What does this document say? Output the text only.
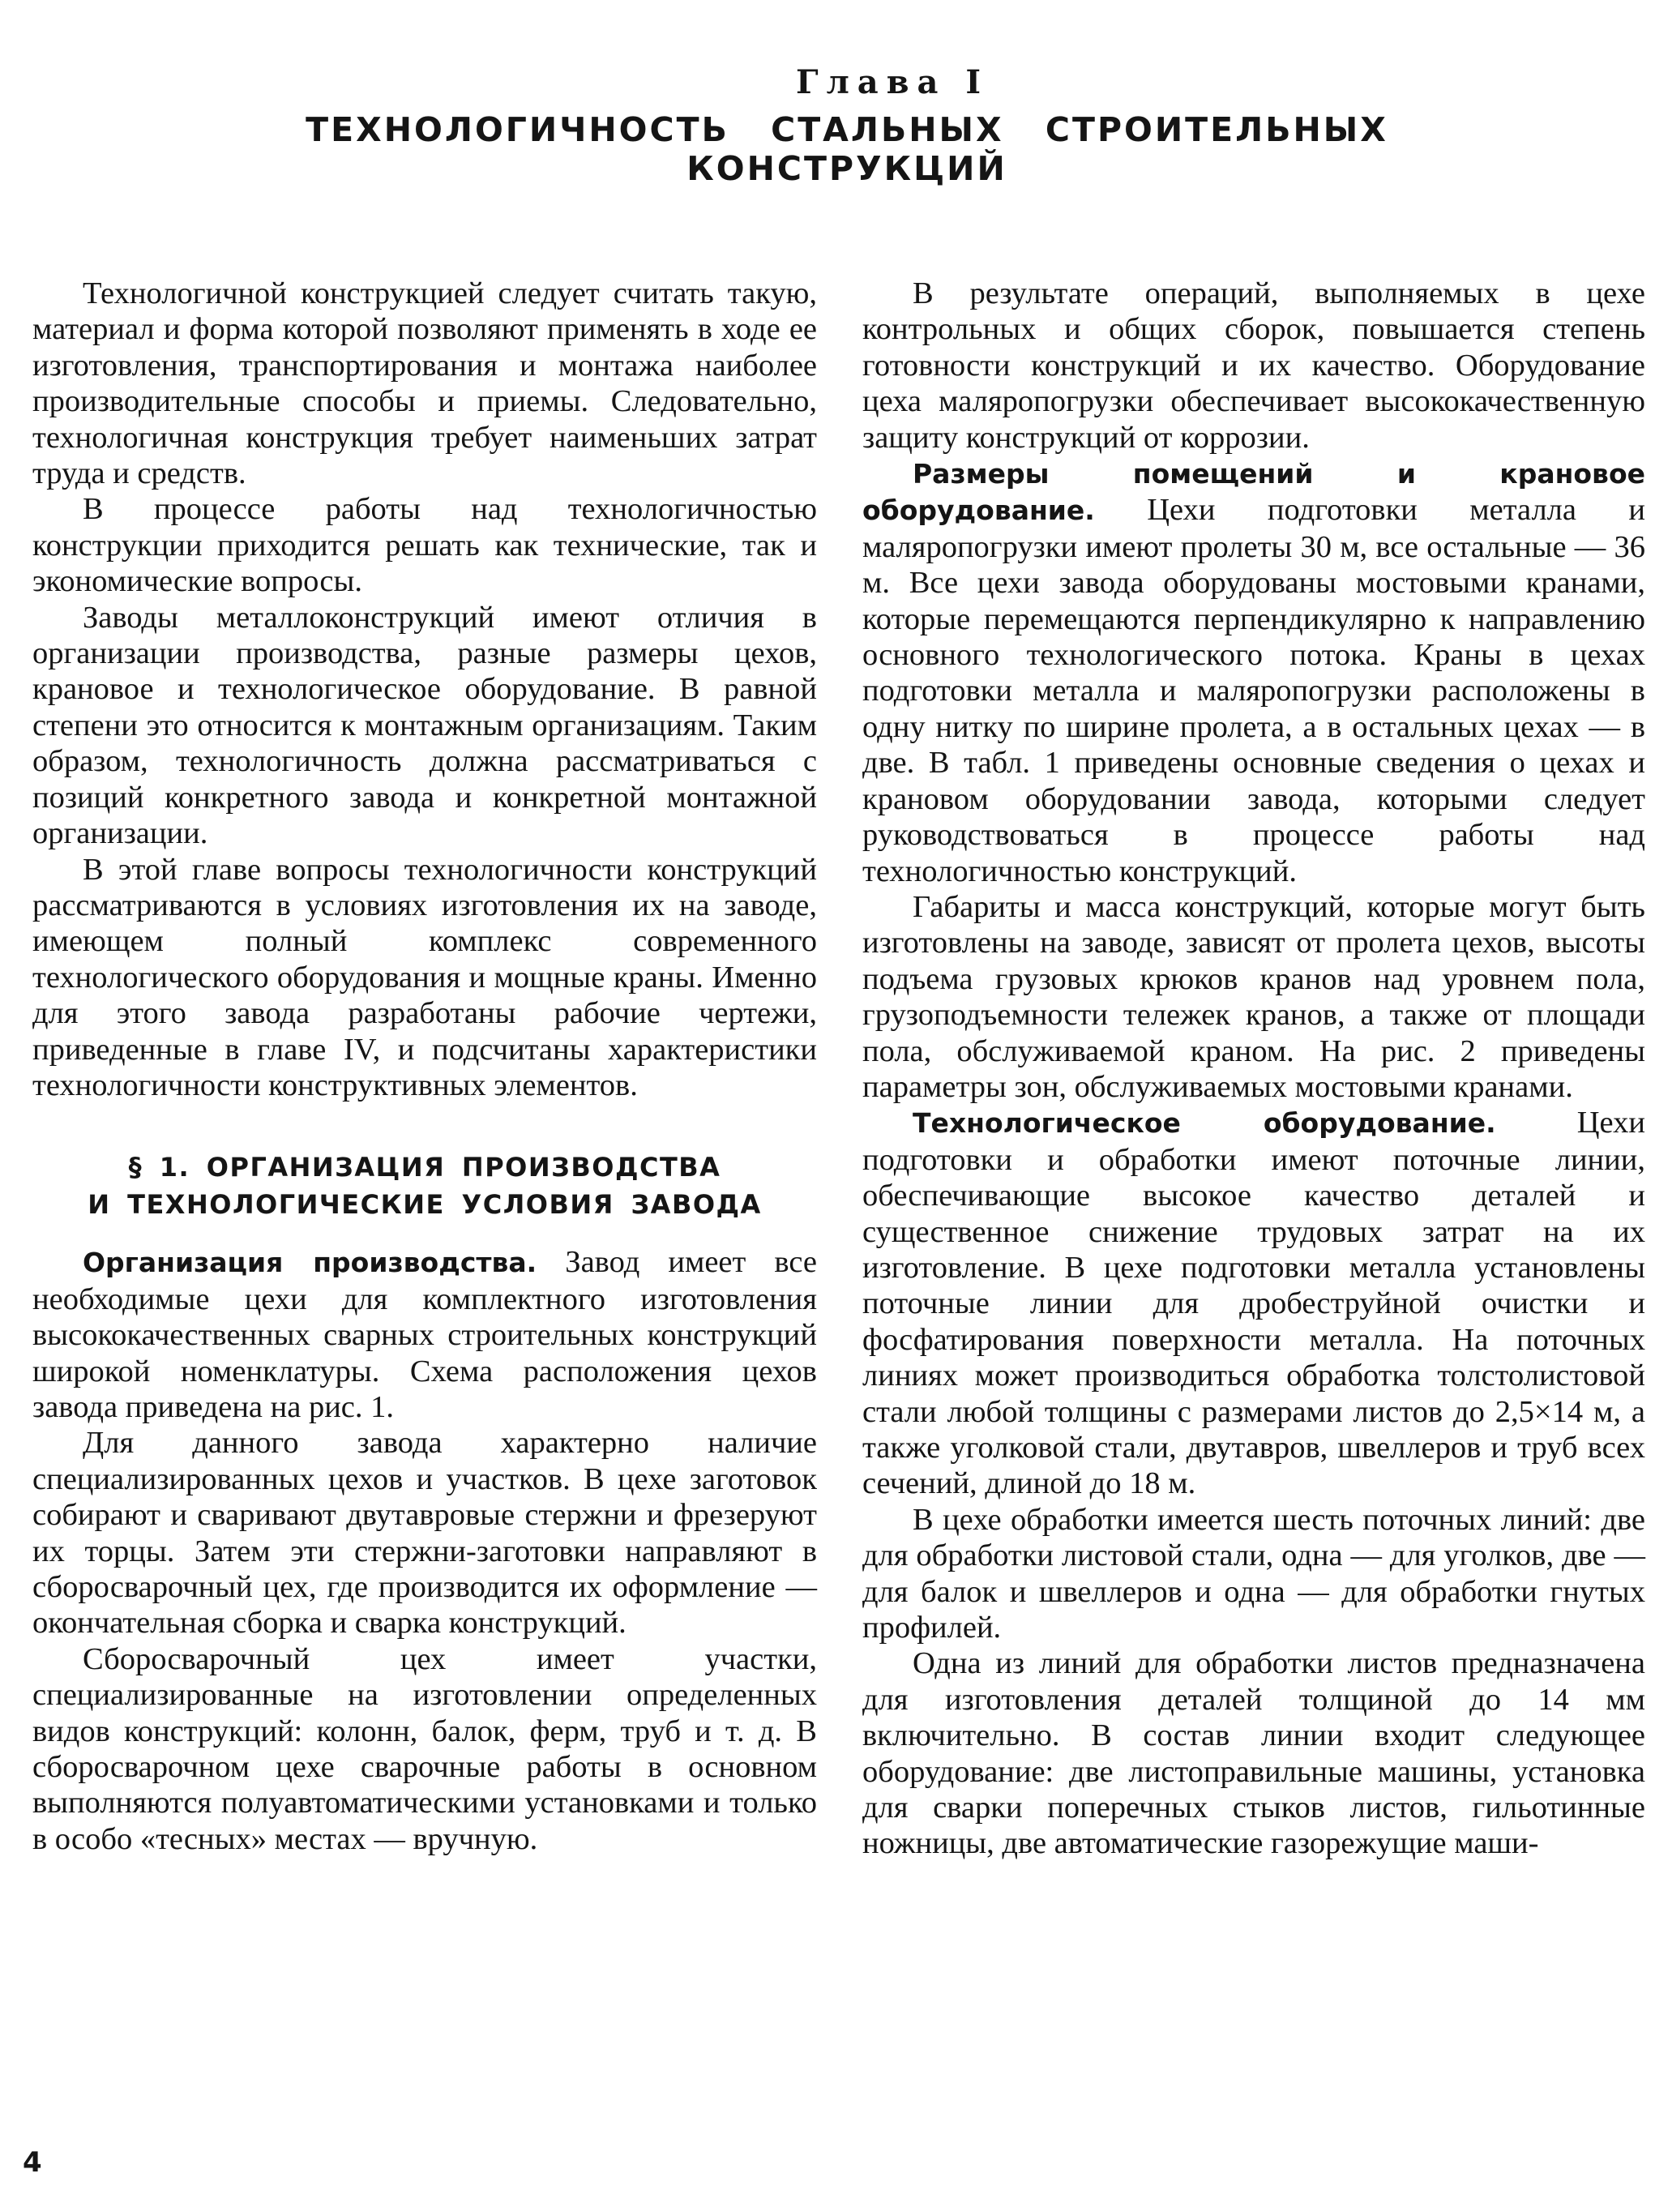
Глава I
ТЕХНОЛОГИЧНОСТЬ СТАЛЬНЫХ СТРОИТЕЛЬНЫХ КОНСТРУКЦИЙ

Технологичной конструкцией следует считать такую, материал и форма которой позволяют применять в ходе ее изготовления, транспортирования и монтажа наиболее производительные способы и приемы. Следовательно, технологичная конструкция требует наименьших затрат труда и средств.

В процессе работы над технологичностью конструкции приходится решать как технические, так и экономические вопросы.

Заводы металлоконструкций имеют отличия в организации производства, разные размеры цехов, крановое и технологическое оборудование. В равной степени это относится к монтажным организациям. Таким образом, технологичность должна рассматриваться с позиций конкретного завода и конкретной монтажной организации.

В этой главе вопросы технологичности конструкций рассматриваются в условиях изготовления их на заводе, имеющем полный комплекс современного технологического оборудования и мощные краны. Именно для этого завода разработаны рабочие чертежи, приведенные в главе IV, и подсчитаны характеристики технологичности конструктивных элементов.

§ 1. ОРГАНИЗАЦИЯ ПРОИЗВОДСТВА
И ТЕХНОЛОГИЧЕСКИЕ УСЛОВИЯ ЗАВОДА

Организация производства. Завод имеет все необходимые цехи для комплектного изготовления высококачественных сварных строительных конструкций широкой номенклатуры. Схема расположения цехов завода приведена на рис. 1.

Для данного завода характерно наличие специализированных цехов и участков. В цехе заготовок собирают и сваривают двутавровые стержни и фрезеруют их торцы. Затем эти стержни-заготовки направляют в сборосварочный цех, где производится их оформление — окончательная сборка и сварка конструкций.

Сборосварочный цех имеет участки, специализированные на изготовлении определенных видов конструкций: колонн, балок, ферм, труб и т. д. В сборосварочном цехе сварочные работы в основном выполняются полуавтоматическими установками и только в особо «тесных» местах — вручную.

В результате операций, выполняемых в цехе контрольных и общих сборок, повышается степень готовности конструкций и их качество. Оборудование цеха маляропогрузки обеспечивает высококачественную защиту конструкций от коррозии.

Размеры помещений и крановое оборудование. Цехи подготовки металла и маляропогрузки имеют пролеты 30 м, все остальные — 36 м. Все цехи завода оборудованы мостовыми кранами, которые перемещаются перпендикулярно к направлению основного технологического потока. Краны в цехах подготовки металла и маляропогрузки расположены в одну нитку по ширине пролета, а в остальных цехах — в две. В табл. 1 приведены основные сведения о цехах и крановом оборудовании завода, которыми следует руководствоваться в процессе работы над технологичностью конструкций.

Габариты и масса конструкций, которые могут быть изготовлены на заводе, зависят от пролета цехов, высоты подъема грузовых крюков кранов над уровнем пола, грузоподъемности тележек кранов, а также от площади пола, обслуживаемой краном. На рис. 2 приведены параметры зон, обслуживаемых мостовыми кранами.

Технологическое оборудование. Цехи подготовки и обработки имеют поточные линии, обеспечивающие высокое качество деталей и существенное снижение трудовых затрат на их изготовление. В цехе подготовки металла установлены поточные линии для дробеструйной очистки и фосфатирования поверхности металла. На поточных линиях может производиться обработка толстолистовой стали любой толщины с размерами листов до 2,5×14 м, а также уголковой стали, двутавров, швеллеров и труб всех сечений, длиной до 18 м.

В цехе обработки имеется шесть поточных линий: две для обработки листовой стали, одна — для уголков, две — для балок и швеллеров и одна — для обработки гнутых профилей.

Одна из линий для обработки листов предназначена для изготовления деталей толщиной до 14 мм включительно. В состав линии входит следующее оборудование: две листоправильные машины, установка для сварки поперечных стыков листов, гильотинные ножницы, две автоматические газорежущие маши-

4
